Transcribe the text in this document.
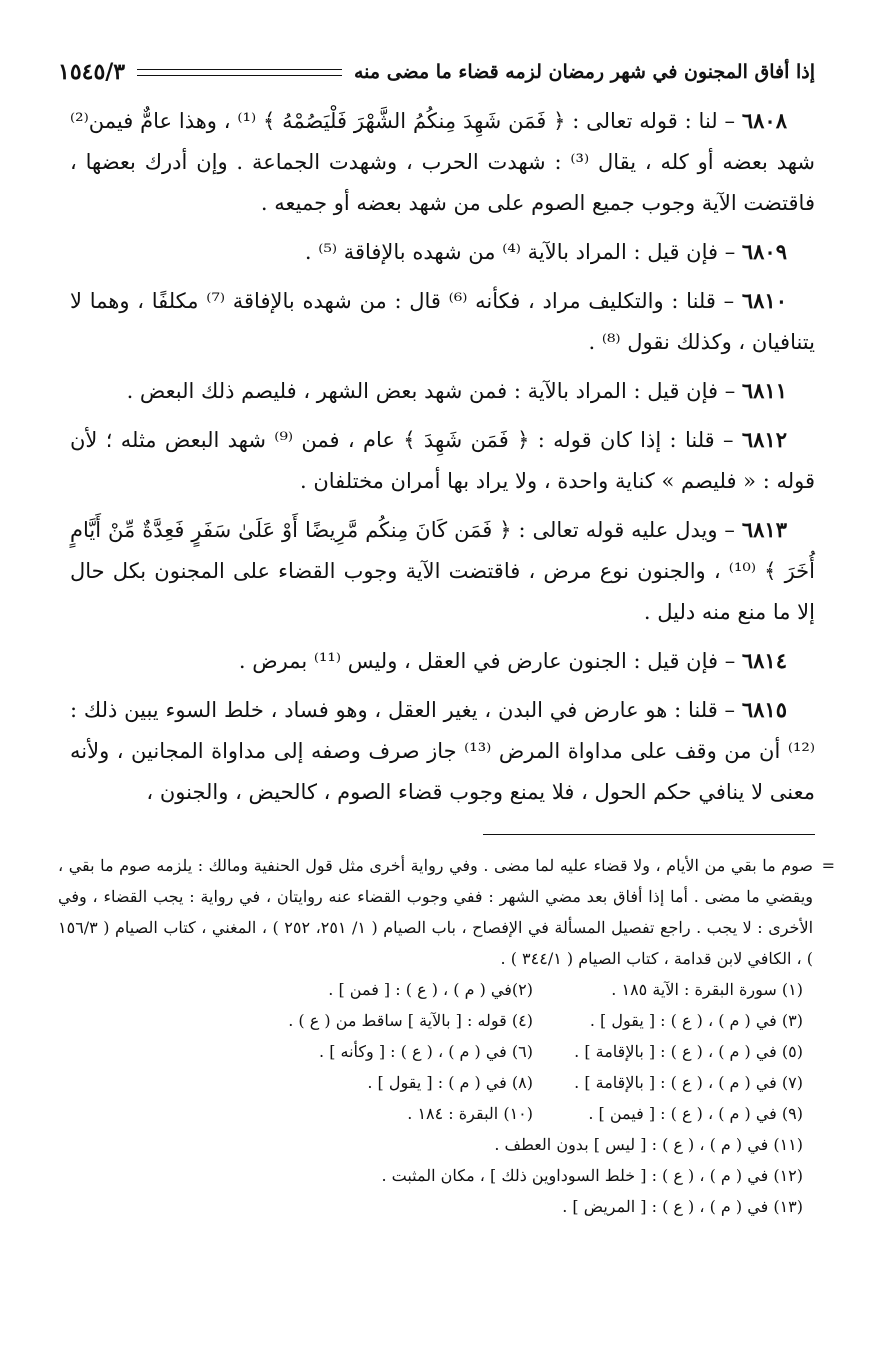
إذا أفاق المجنون في شهر رمضان لزمه قضاء ما مضى منه
١٥٤٥/٣

٦٨٠٨ – لنا : قوله تعالى : ﴿ فَمَن شَهِدَ مِنكُمُ الشَّهْرَ فَلْيَصُمْهُ ﴾ ⁽¹⁾ ، وهذا عامٌّ فيمن⁽²⁾ شهد بعضه أو كله ، يقال ⁽³⁾ : شهدت الحرب ، وشهدت الجماعة . وإن أدرك بعضها ، فاقتضت الآية وجوب جميع الصوم على من شهد بعضه أو جميعه .

٦٨٠٩ – فإن قيل : المراد بالآية ⁽⁴⁾ من شهده بالإفاقة ⁽⁵⁾ .

٦٨١٠ – قلنا : والتكليف مراد ، فكأنه ⁽⁶⁾ قال : من شهده بالإفاقة ⁽⁷⁾ مكلفًا ، وهما لا يتنافيان ، وكذلك نقول ⁽⁸⁾ .

٦٨١١ – فإن قيل : المراد بالآية : فمن شهد بعض الشهر ، فليصم ذلك البعض .

٦٨١٢ – قلنا : إذا كان قوله : ﴿ فَمَن شَهِدَ ﴾ عام ، فمن ⁽⁹⁾ شهد البعض مثله ؛ لأن قوله : « فليصم » كناية واحدة ، ولا يراد بها أمران مختلفان .

٦٨١٣ – ويدل عليه قوله تعالى : ﴿ فَمَن كَانَ مِنكُم مَّرِيضًا أَوْ عَلَىٰ سَفَرٍ فَعِدَّةٌ مِّنْ أَيَّامٍ أُخَرَ ﴾ ⁽¹⁰⁾ ، والجنون نوع مرض ، فاقتضت الآية وجوب القضاء على المجنون بكل حال إلا ما منع منه دليل .

٦٨١٤ – فإن قيل : الجنون عارض في العقل ، وليس ⁽¹¹⁾ بمرض .

٦٨١٥ – قلنا : هو عارض في البدن ، يغير العقل ، وهو فساد ، خلط السوء يبين ذلك : ⁽¹²⁾ أن من وقف على مداواة المرض ⁽¹³⁾ جاز صرف وصفه إلى مداواة المجانين ، ولأنه معنى لا ينافي حكم الحول ، فلا يمنع وجوب قضاء الصوم ، كالحيض ، والجنون ،

=
صوم ما بقي من الأيام ، ولا قضاء عليه لما مضى . وفي رواية أخرى مثل قول الحنفية ومالك : يلزمه صوم ما بقي ، ويقضي ما مضى . أما إذا أفاق بعد مضي الشهر : ففي وجوب القضاء عنه روايتان ، في رواية : يجب القضاء ، وفي الأخرى : لا يجب . راجع تفصيل المسألة في الإفصاح ، باب الصيام ( ١/ ٢٥١، ٢٥٢ ) ، المغني ، كتاب الصيام ( ١٥٦/٣ ) ، الكافي لابن قدامة ، كتاب الصيام ( ٣٤٤/١ ) .
(١) سورة البقرة : الآية ١٨٥ .
(٢)في ( م ) ، ( ع ) : [ فمن ] .
(٣) في ( م ) ، ( ع ) : [ يقول ] .
(٤) قوله : [ بالآية ] ساقط من ( ع ) .
(٥) في ( م ) ، ( ع ) : [ بالإقامة ] .
(٦) في ( م ) ، ( ع ) : [ وكأنه ] .
(٧) في ( م ) ، ( ع ) : [ بالإقامة ] .
(٨) في ( م ) : [ يقول ] .
(٩) في ( م ) ، ( ع ) : [ فيمن ] .
(١٠) البقرة : ١٨٤ .
(١١) في ( م ) ، ( ع ) : [ ليس ] بدون العطف .
(١٢) في ( م ) ، ( ع ) : [ خلط السوداوين ذلك ] ، مكان المثبت .
(١٣) في ( م ) ، ( ع ) : [ المريض ] .
